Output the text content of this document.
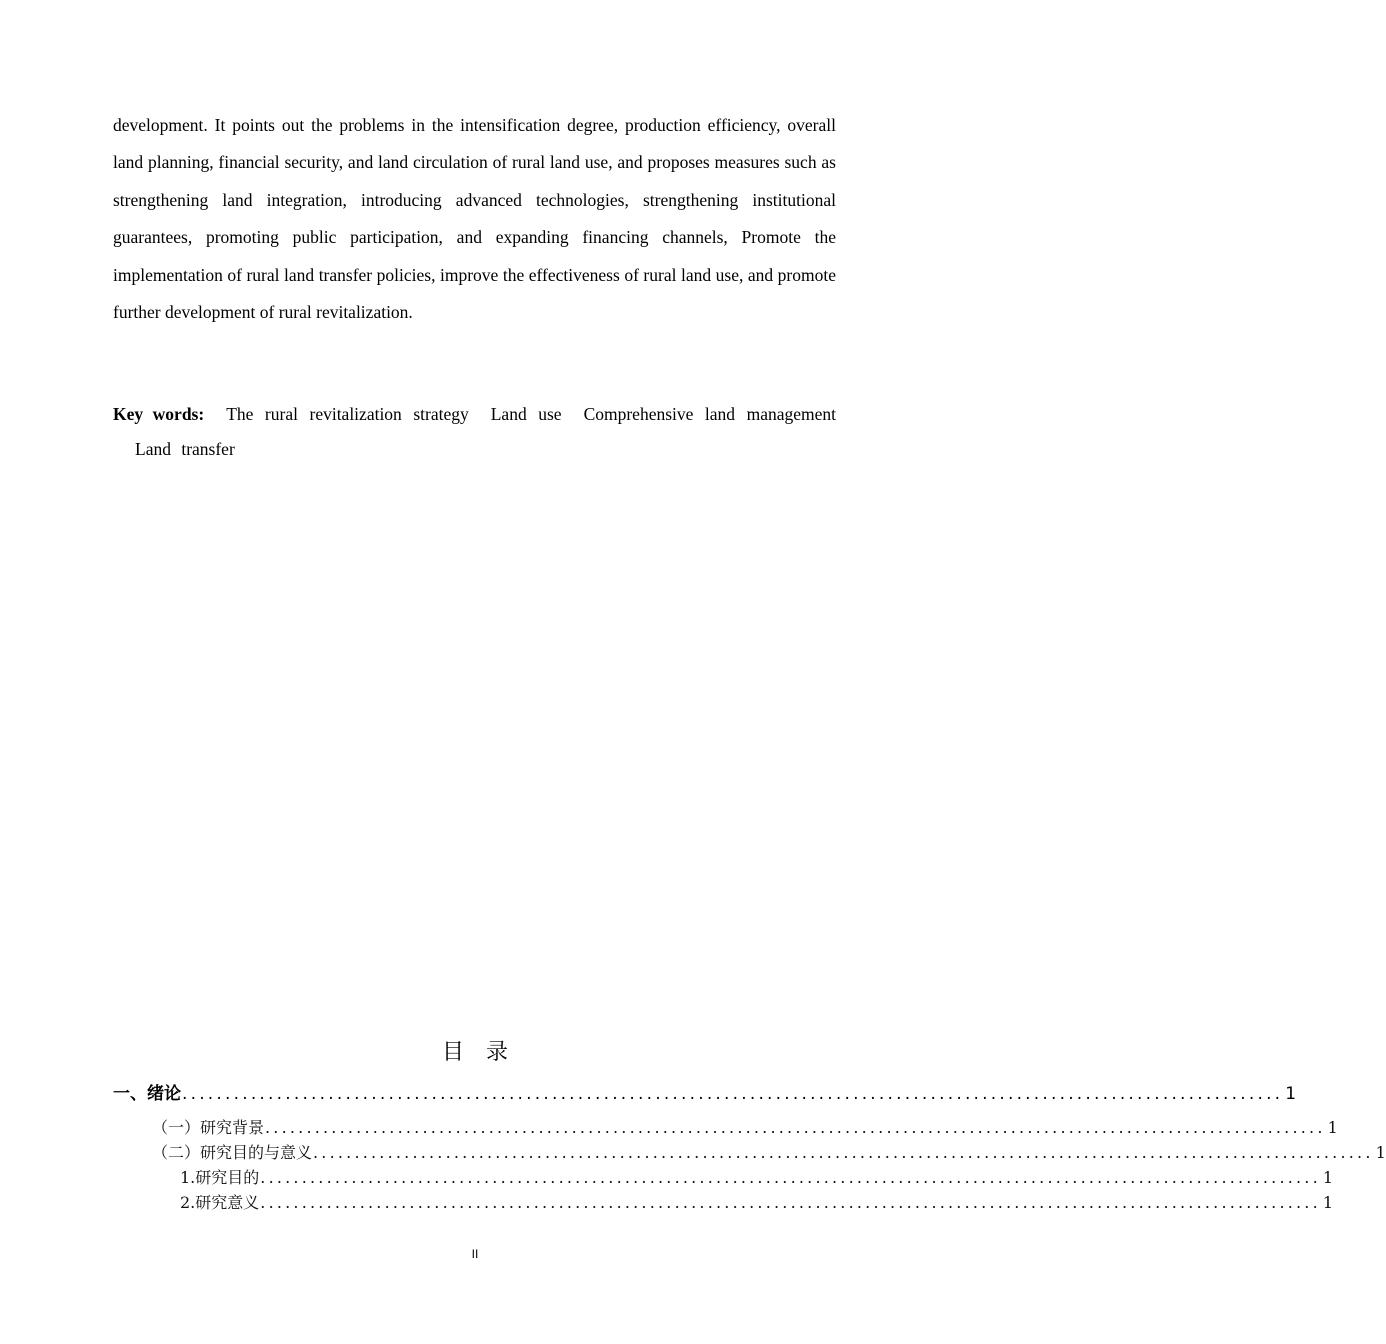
development. It points out the problems in the intensification degree, production efficiency, overall land planning, financial security, and land circulation of rural land use, and proposes measures such as strengthening land integration, introducing advanced technologies, strengthening institutional guarantees, promoting public participation, and expanding financing channels, Promote the implementation of rural land transfer policies, improve the effectiveness of rural land use, and promote further development of rural revitalization.

Key words: The rural revitalization strategy Land use Comprehensive land managementLand transfer

目录
一、绪论 ................................................................................................................................ 1
（一）研究背景 ................................................................................................................................ 1
（二）研究目的与意义 ................................................................................................................................ 1
1.研究目的 ................................................................................................................................ 1
2.研究意义 ................................................................................................................................ 1
II
